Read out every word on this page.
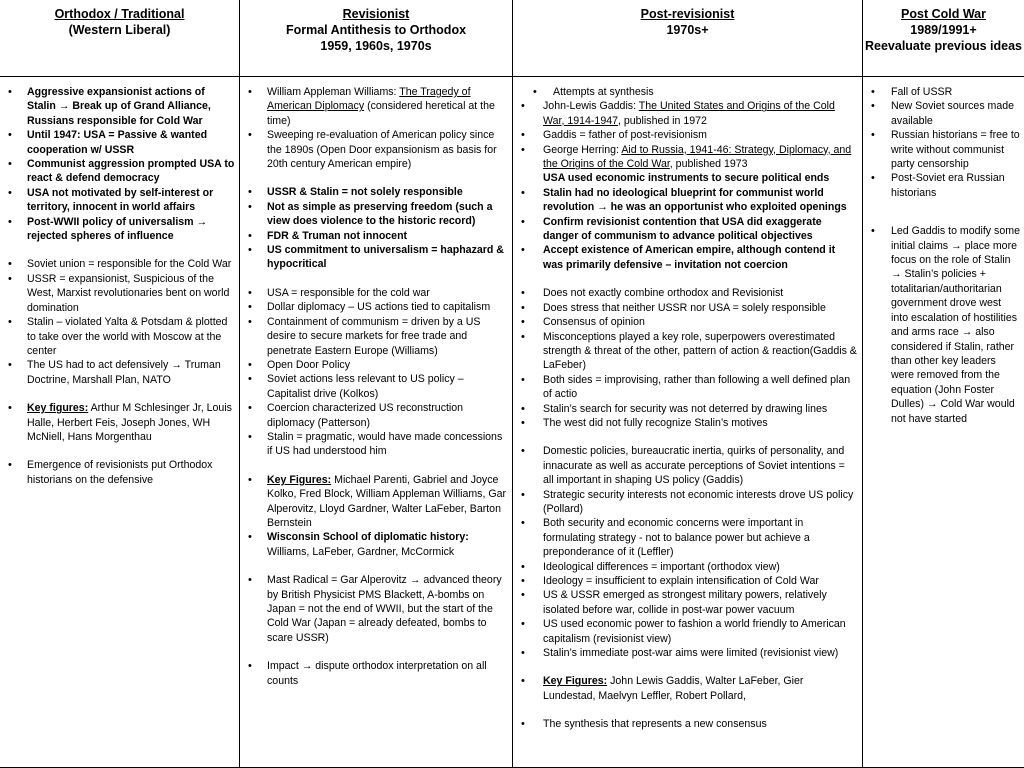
Orthodox / Traditional
(Western Liberal)
Revisionist
Formal Antithesis to Orthodox
1959, 1960s, 1970s
Post-revisionist
1970s+
Post Cold War
1989/1991+
Reevaluate previous ideas
• Aggressive expansionist actions of Stalin → Break up of Grand Alliance, Russians responsible for Cold War
• Until 1947: USA = Passive & wanted cooperation w/ USSR
• Communist aggression prompted USA to react & defend democracy
• USA not motivated by self-interest or territory, innocent in world affairs
• Post-WWII policy of universalism → rejected spheres of influence
• Soviet union = responsible for the Cold War
• USSR = expansionist, Suspicious of the West, Marxist revolutionaries bent on world domination
• Stalin – violated Yalta & Potsdam & plotted to take over the world with Moscow at the center
• The US had to act defensively → Truman Doctrine, Marshall Plan, NATO
• Key figures: Arthur M Schlesinger Jr, Louis Halle, Herbert Feis, Joseph Jones, WH McNiell, Hans Morgenthau
• Emergence of revisionists put Orthodox historians on the defensive
• William Appleman Williams: The Tragedy of American Diplomacy (considered heretical at the time)
• Sweeping re-evaluation of American policy since the 1890s (Open Door expansionism as basis for 20th century American empire)
• USSR & Stalin = not solely responsible
• Not as simple as preserving freedom (such a view does violence to the historic record)
• FDR & Truman not innocent
• US commitment to universalism = haphazard & hypocritical
• USA = responsible for the cold war
• Dollar diplomacy – US actions tied to capitalism
• Containment of communism = driven by a US desire to secure markets for free trade and penetrate Eastern Europe (Williams)
• Open Door Policy
• Soviet actions less relevant to US policy – Capitalist drive (Kolkos)
• Coercion characterized US reconstruction diplomacy (Patterson)
• Stalin = pragmatic, would have made concessions if US had understood him
• Key Figures: Michael Parenti, Gabriel and Joyce Kolko, Fred Block, William Appleman Williams, Gar Alperovitz, Lloyd Gardner, Walter LaFeber, Barton Bernstein
• Wisconsin School of diplomatic history: Williams, LaFeber, Gardner, McCormick
• Mast Radical = Gar Alperovitz → advanced theory by British Physicist PMS Blackett, A-bombs on Japan = not the end of WWII, but the start of the Cold War (Japan = already defeated, bombs to scare USSR)
• Impact → dispute orthodox interpretation on all counts
• Attempts at synthesis
• John-Lewis Gaddis: The United States and Origins of the Cold War, 1914-1947, published in 1972
• Gaddis = father of post-revisionism
• George Herring: Aid to Russia, 1941-46: Strategy, Diplomacy, and the Origins of the Cold War, published 1973
USA used economic instruments to secure political ends
• Stalin had no ideological blueprint for communist world revolution → he was an opportunist who exploited openings
• Confirm revisionist contention that USA did exaggerate danger of communism to advance political objectives
• Accept existence of American empire, although contend it was primarily defensive – invitation not coercion
• Does not exactly combine orthodox and Revisionist
• Does stress that neither USSR nor USA = solely responsible
• Consensus of opinion
• Misconceptions played a key role, superpowers overestimated strength & threat of the other, pattern of action & reaction(Gaddis & LaFeber)
• Both sides = improvising, rather than following a well defined plan of actio
• Stalin’s search for security was not deterred by drawing lines
• The west did not fully recognize Stalin’s motives
• Domestic policies, bureaucratic inertia, quirks of personality, and innacurate as well as accurate perceptions of Soviet intentions = all important in shaping US policy (Gaddis)
• Strategic security interests not economic interests drove US policy (Pollard)
• Both security and economic concerns were important in formulating strategy - not to balance power but achieve a preponderance of it (Leffler)
• Ideological differences = important (orthodox view)
• Ideology = insufficient to explain intensification of Cold War
• US & USSR emerged as strongest military powers, relatively isolated before war, collide in post-war power vacuum
• US used economic power to fashion a world friendly to American capitalism (revisionist view)
• Stalin’s immediate post-war aims were limited (revisionist view)
• Key Figures: John Lewis Gaddis, Walter LaFeber, Gier Lundestad, Maelvyn Leffler, Robert Pollard,
• The synthesis that represents a new consensus
• Fall of USSR
• New Soviet sources made available
• Russian historians = free to write without communist party censorship
• Post-Soviet era Russian historians
• Led Gaddis to modify some initial claims → place more focus on the role of Stalin → Stalin’s policies + totalitarian/authoritarian government drove west into escalation of hostilities and arms race → also considered if Stalin, rather than other key leaders were removed from the equation (John Foster Dulles) → Cold War would not have started
